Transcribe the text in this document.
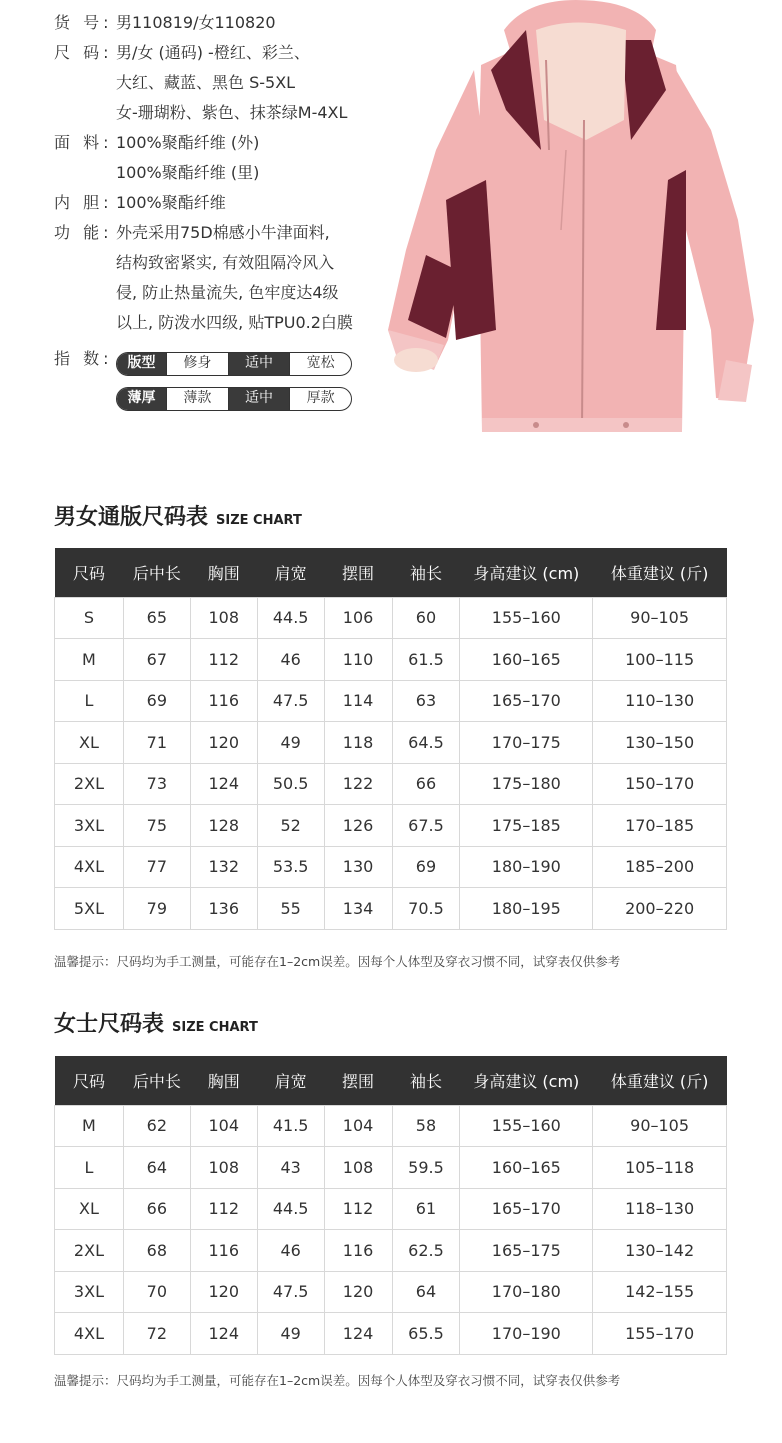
货 号: 男110819/女110820
尺 码: 男/女 (通码) -橙红、彩兰、
大红、藏蓝、黑色 S-5XL
女-珊瑚粉、紫色、抹茶绿M-4XL
面 料: 100%聚酯纤维 (外)
100%聚酯纤维 (里)
内 胆: 100%聚酯纤维
功 能: 外壳采用75D棉感小牛津面料,
结构致密紧实, 有效阻隔冷风入
侵, 防止热量流失, 色牢度达4级
以上, 防泼水四级, 贴TPU0.2白膜
指 数:	版型	修身	适中	宽松
薄厚	薄款	适中	厚款
男女通版尺码表 SIZE CHART
尺码	后中长	胸围	肩宽	摆围	袖长	身高建议 (cm)	体重建议 (斤)
S	65	108	44.5	106	60	155–160	90–105
M	67	112	46	110	61.5	160–165	100–115
L	69	116	47.5	114	63	165–170	110–130
XL	71	120	49	118	64.5	170–175	130–150
2XL	73	124	50.5	122	66	175–180	150–170
3XL	75	128	52	126	67.5	175–185	170–185
4XL	77	132	53.5	130	69	180–190	185–200
5XL	79	136	55	134	70.5	180–195	200–220
温馨提示：尺码均为手工测量，可能存在1–2cm误差。因每个人体型及穿衣习惯不同，试穿表仅供参考
女士尺码表 SIZE CHART
尺码	后中长	胸围	肩宽	摆围	袖长	身高建议 (cm)	体重建议 (斤)
M	62	104	41.5	104	58	155–160	90–105
L	64	108	43	108	59.5	160–165	105–118
XL	66	112	44.5	112	61	165–170	118–130
2XL	68	116	46	116	62.5	165–175	130–142
3XL	70	120	47.5	120	64	170–180	142–155
4XL	72	124	49	124	65.5	170–190	155–170
温馨提示：尺码均为手工测量，可能存在1–2cm误差。因每个人体型及穿衣习惯不同，试穿表仅供参考
